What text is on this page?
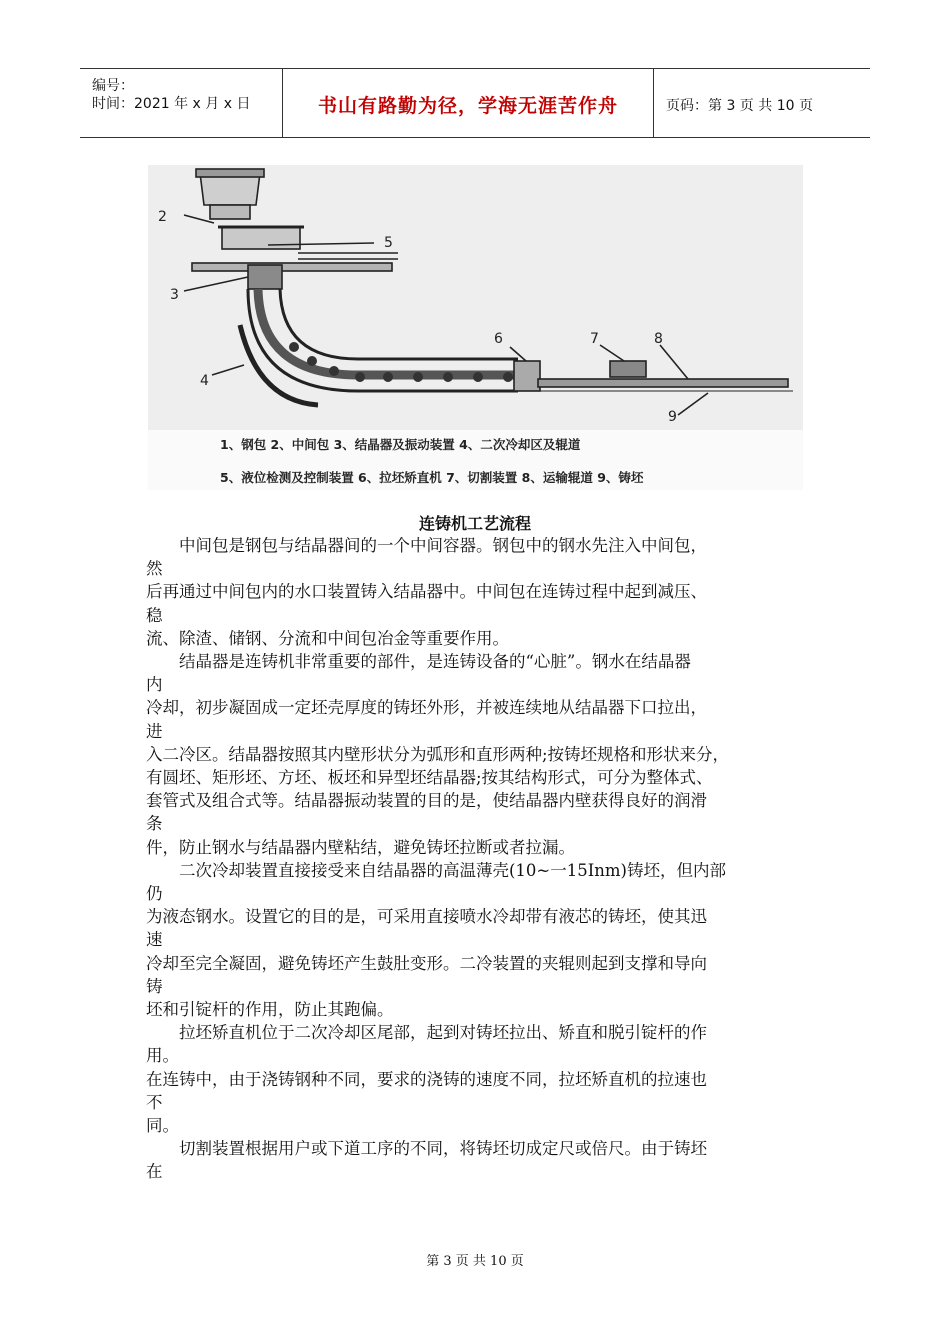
编号：
时间：2021 年 x 月 x 日	书山有路勤为径，学海无涯苦作舟	页码：第 3 页 共 10 页
2
5
3
4
6	7	8
9
1、钢包 2、中间包 3、结晶器及振动装置 4、二次冷却区及辊道
5、液位检测及控制装置 6、拉坯矫直机 7、切割装置 8、运输辊道 9、铸坯
连铸机工艺流程

　　中间包是钢包与结晶器间的一个中间容器。钢包中的钢水先注入中间包，

然

后再通过中间包内的水口装置铸入结晶器中。中间包在连铸过程中起到减压、

稳

流、除渣、储钢、分流和中间包冶金等重要作用。

　　结晶器是连铸机非常重要的部件，是连铸设备的“心脏”。钢水在结晶器

内

冷却，初步凝固成一定坯壳厚度的铸坯外形，并被连续地从结晶器下口拉出，

进

入二冷区。结晶器按照其内壁形状分为弧形和直形两种;按铸坯规格和形状来分，

有圆坯、矩形坯、方坯、板坯和异型坯结晶器;按其结构形式，可分为整体式、

套管式及组合式等。结晶器振动装置的目的是，使结晶器内壁获得良好的润滑

条

件，防止钢水与结晶器内壁粘结，避免铸坯拉断或者拉漏。

　　二次冷却装置直接接受来自结晶器的高温薄壳(10~一15Inm)铸坯，但内部

仍

为液态钢水。设置它的目的是，可采用直接喷水冷却带有液芯的铸坯，使其迅

速

冷却至完全凝固，避免铸坯产生鼓肚变形。二冷装置的夹辊则起到支撑和导向

铸

坯和引锭杆的作用，防止其跑偏。

　　拉坯矫直机位于二次冷却区尾部，起到对铸坯拉出、矫直和脱引锭杆的作

用。

在连铸中，由于浇铸钢种不同，要求的浇铸的速度不同，拉坯矫直机的拉速也

不

同。

　　切割装置根据用户或下道工序的不同，将铸坯切成定尺或倍尺。由于铸坯

在

第 3 页 共 10 页
